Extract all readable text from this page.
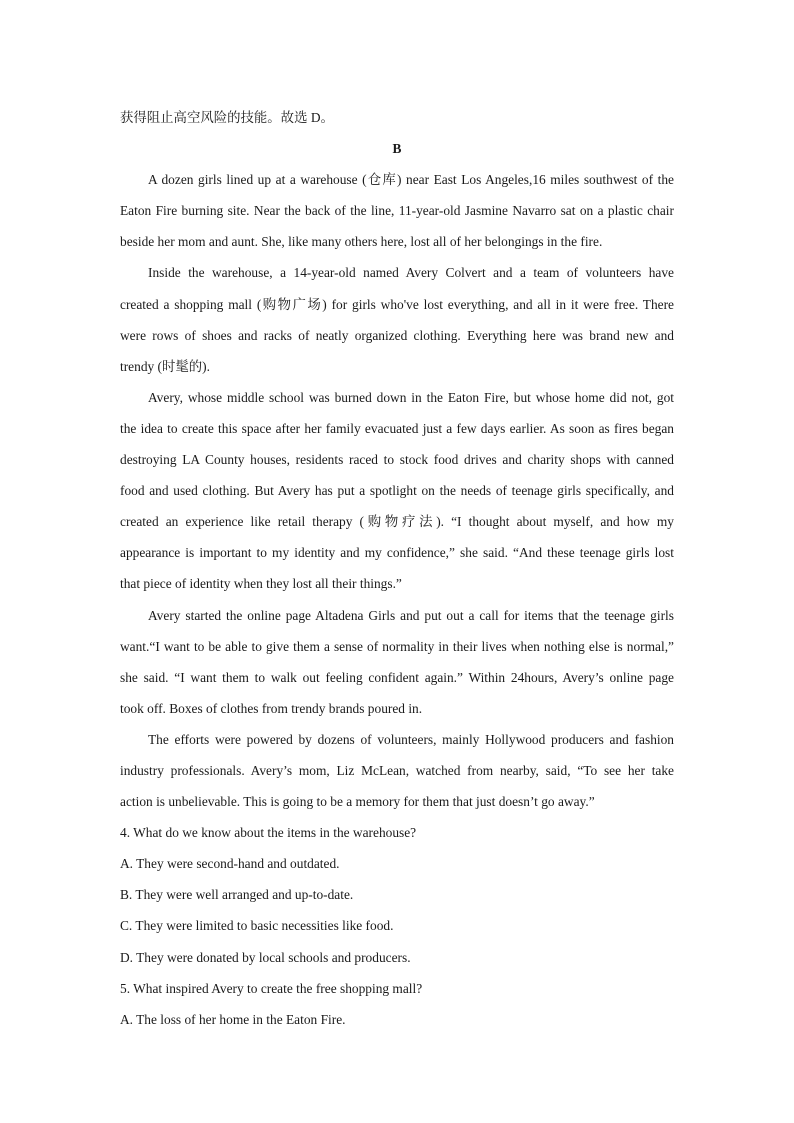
获得阻止高空风险的技能。故选 D。
B

A dozen girls lined up at a warehouse (仓库) near East Los Angeles,16 miles southwest of the
Eaton Fire burning site. Near the back of the line, 11-year-old Jasmine Navarro sat on a plastic chair
beside her mom and aunt. She, like many others here, lost all of her belongings in the fire.

Inside the warehouse, a 14-year-old named Avery Colvert and a team of volunteers have
created a shopping mall (购物广场) for girls who've lost everything, and all in it were free. There
were rows of shoes and racks of neatly organized clothing. Everything here was brand new and
trendy (时髦的).

Avery, whose middle school was burned down in the Eaton Fire, but whose home did not, got
the idea to create this space after her family evacuated just a few days earlier. As soon as fires began
destroying LA County houses, residents raced to stock food drives and charity shops with canned
food and used clothing. But Avery has put a spotlight on the needs of teenage girls specifically, and
created an experience like retail therapy (购物疗法). “I thought about myself, and how my
appearance is important to my identity and my confidence,” she said. “And these teenage girls lost
that piece of identity when they lost all their things.”

Avery started the online page Altadena Girls and put out a call for items that the teenage girls
want.“I want to be able to give them a sense of normality in their lives when nothing else is normal,”
she said. “I want them to walk out feeling confident again.” Within 24hours, Avery’s online page
took off. Boxes of clothes from trendy brands poured in.

The efforts were powered by dozens of volunteers, mainly Hollywood producers and fashion
industry professionals. Avery’s mom, Liz McLean, watched from nearby, said, “To see her take
action is unbelievable. This is going to be a memory for them that just doesn’t go away.”

4. What do we know about the items in the warehouse?
A. They were second-hand and outdated.
B. They were well arranged and up-to-date.
C. They were limited to basic necessities like food.
D. They were donated by local schools and producers.
5. What inspired Avery to create the free shopping mall?
A. The loss of her home in the Eaton Fire.
